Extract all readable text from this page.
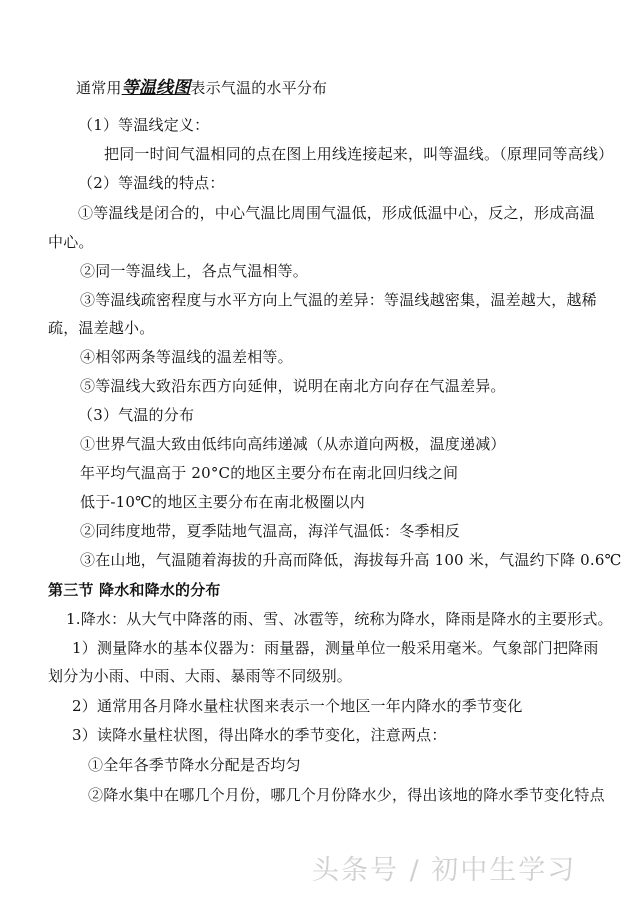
通常用等温线图表示气温的水平分布
（1）等温线定义：
把同一时间气温相同的点在图上用线连接起来，叫等温线。（原理同等高线）
（2）等温线的特点：
①等温线是闭合的，中心气温比周围气温低，形成低温中心，反之，形成高温
中心。
②同一等温线上，各点气温相等。
③等温线疏密程度与水平方向上气温的差异：等温线越密集，温差越大，越稀
疏，温差越小。
④相邻两条等温线的温差相等。
⑤等温线大致沿东西方向延伸，说明在南北方向存在气温差异。
（3）气温的分布
①世界气温大致由低纬向高纬递减（从赤道向两极，温度递减）
年平均气温高于 20°C的地区主要分布在南北回归线之间
低于-10℃的地区主要分布在南北极圈以内
②同纬度地带，夏季陆地气温高，海洋气温低：冬季相反
③在山地，气温随着海拔的升高而降低，海拔每升高 100 米，气温约下降 0.6℃
第三节 降水和降水的分布
1.降水：从大气中降落的雨、雪、冰雹等，统称为降水，降雨是降水的主要形式。
1）测量降水的基本仪器为：雨量器，测量单位一般采用毫米。气象部门把降雨
划分为小雨、中雨、大雨、暴雨等不同级别。
2）通常用各月降水量柱状图来表示一个地区一年内降水的季节变化
3）读降水量柱状图，得出降水的季节变化，注意两点：
①全年各季节降水分配是否均匀
②降水集中在哪几个月份，哪几个月份降水少，得出该地的降水季节变化特点
头条号 / 初中生学习
